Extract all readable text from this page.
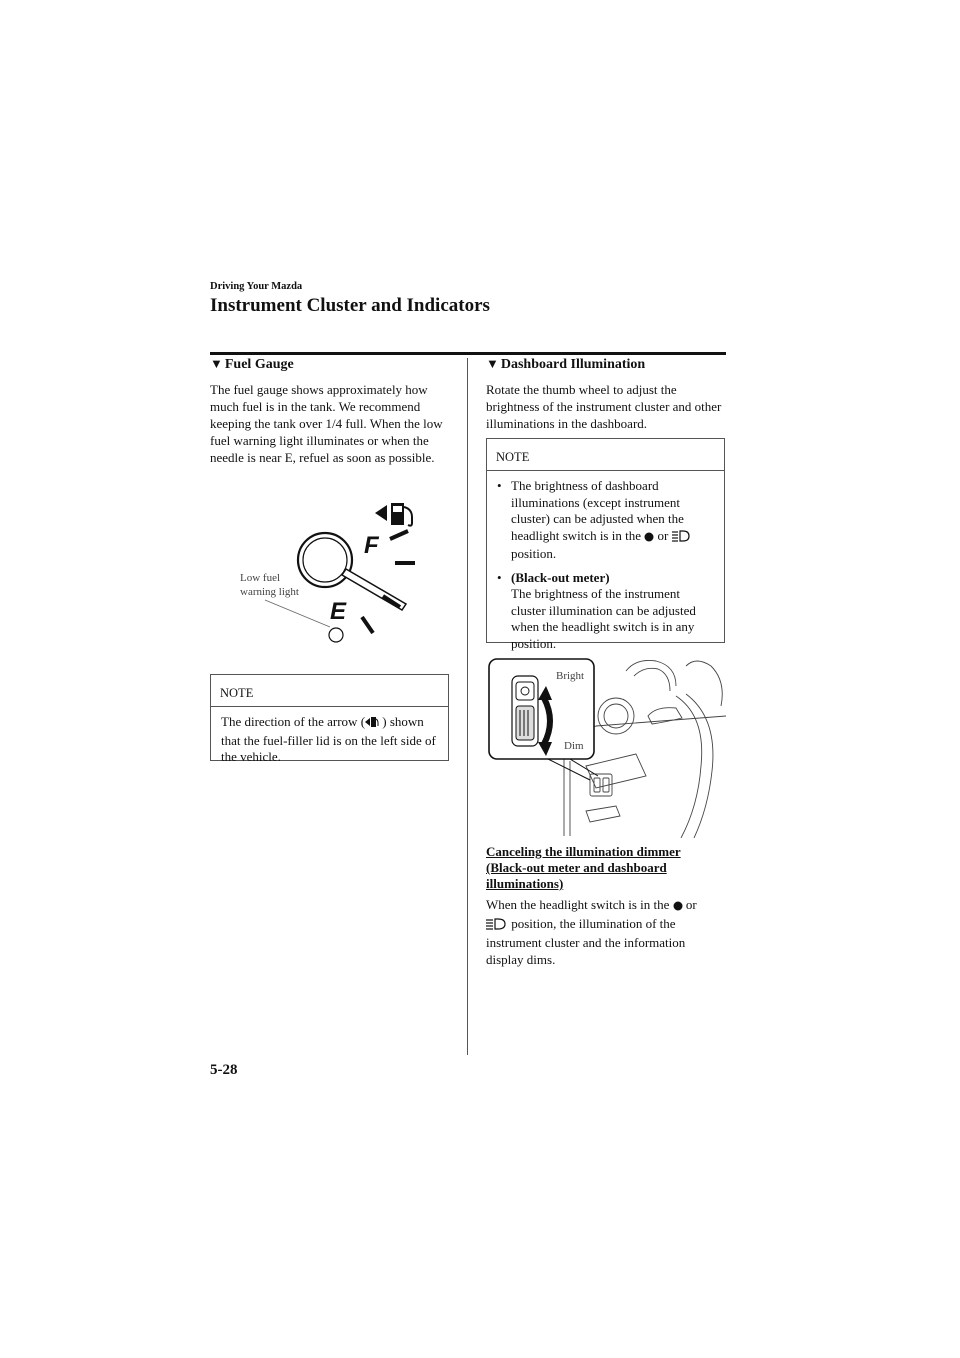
Driving Your Mazda
Instrument Cluster and Indicators
▼ Fuel Gauge
The fuel gauge shows approximately how much fuel is in the tank. We recommend keeping the tank over 1/4 full. When the low fuel warning light illuminates or when the needle is near E, refuel as soon as possible.
F
E
Low fuel
warning light
NOTE
The direction of the arrow ( ) shown that the fuel-filler lid is on the left side of the vehicle.
▼ Dashboard Illumination
Rotate the thumb wheel to adjust the brightness of the instrument cluster and other illuminations in the dashboard.
NOTE
• The brightness of dashboard illuminations (except instrument cluster) can be adjusted when the headlight switch is in the or
position.
• (Black-out meter)
The brightness of the instrument cluster illumination can be adjusted when the headlight switch is in any position.
Bright
Dim
Canceling the illumination dimmer (Black-out meter and dashboard illuminations)
When the headlight switch is in the or
position, the illumination of the instrument cluster and the information display dims.
5-28
